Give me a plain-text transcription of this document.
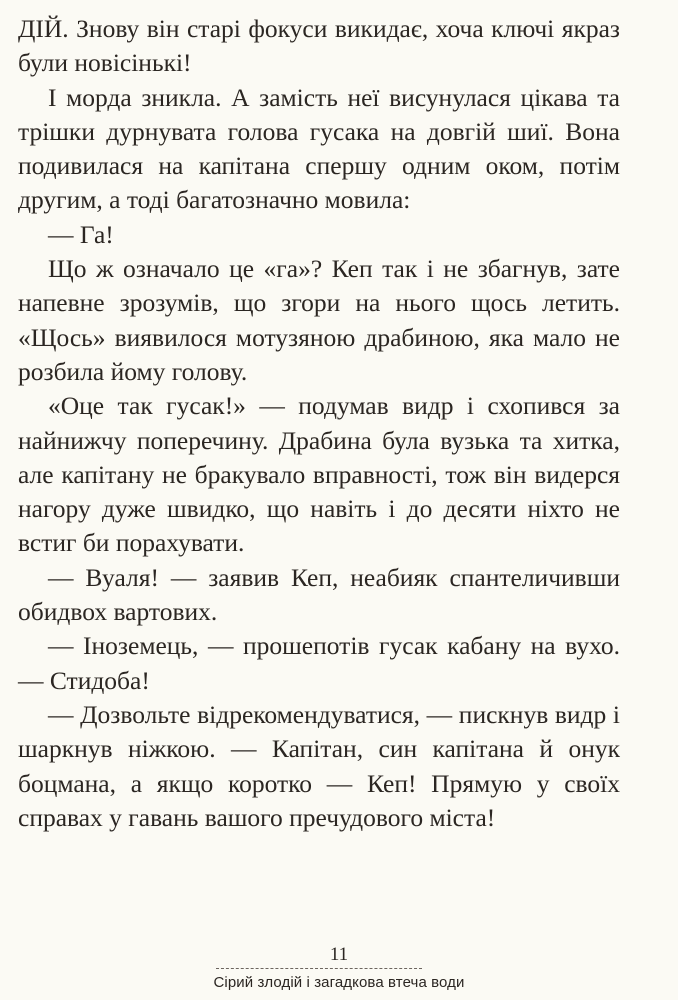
ДІЙ. Знову він старі фокуси викидає, хоча ключі якраз були новісінькі!

І морда зникла. А замість неї висунулася цікава та трішки дурнувата голова гусака на довгій шиї. Вона подивилася на капітана спершу одним оком, потім другим, а тоді багатозначно мовила:

— Га!

Що ж означало це «га»? Кеп так і не збагнув, зате напевне зрозумів, що згори на нього щось летить. «Щось» виявилося мотузяною драбиною, яка мало не розбила йому голову.

«Оце так гусак!» — подумав видр і схопився за найнижчу поперечину. Драбина була вузька та хитка, але капітану не бракувало вправності, тож він видерся нагору дуже швидко, що навіть і до десяти ніхто не встиг би порахувати.

— Вуаля! — заявив Кеп, неабияк спантеличивши обидвох вартових.

— Іноземець, — прошепотів гусак кабану на вухо. — Стидоба!

— Дозвольте відрекомендуватися, — пискнув видр і шаркнув ніжкою. — Капітан, син капітана й онук боцмана, а якщо коротко — Кеп! Прямую у своїх справах у гавань вашого пречудового міста!

11
Сірий злодій і загадкова втеча води
